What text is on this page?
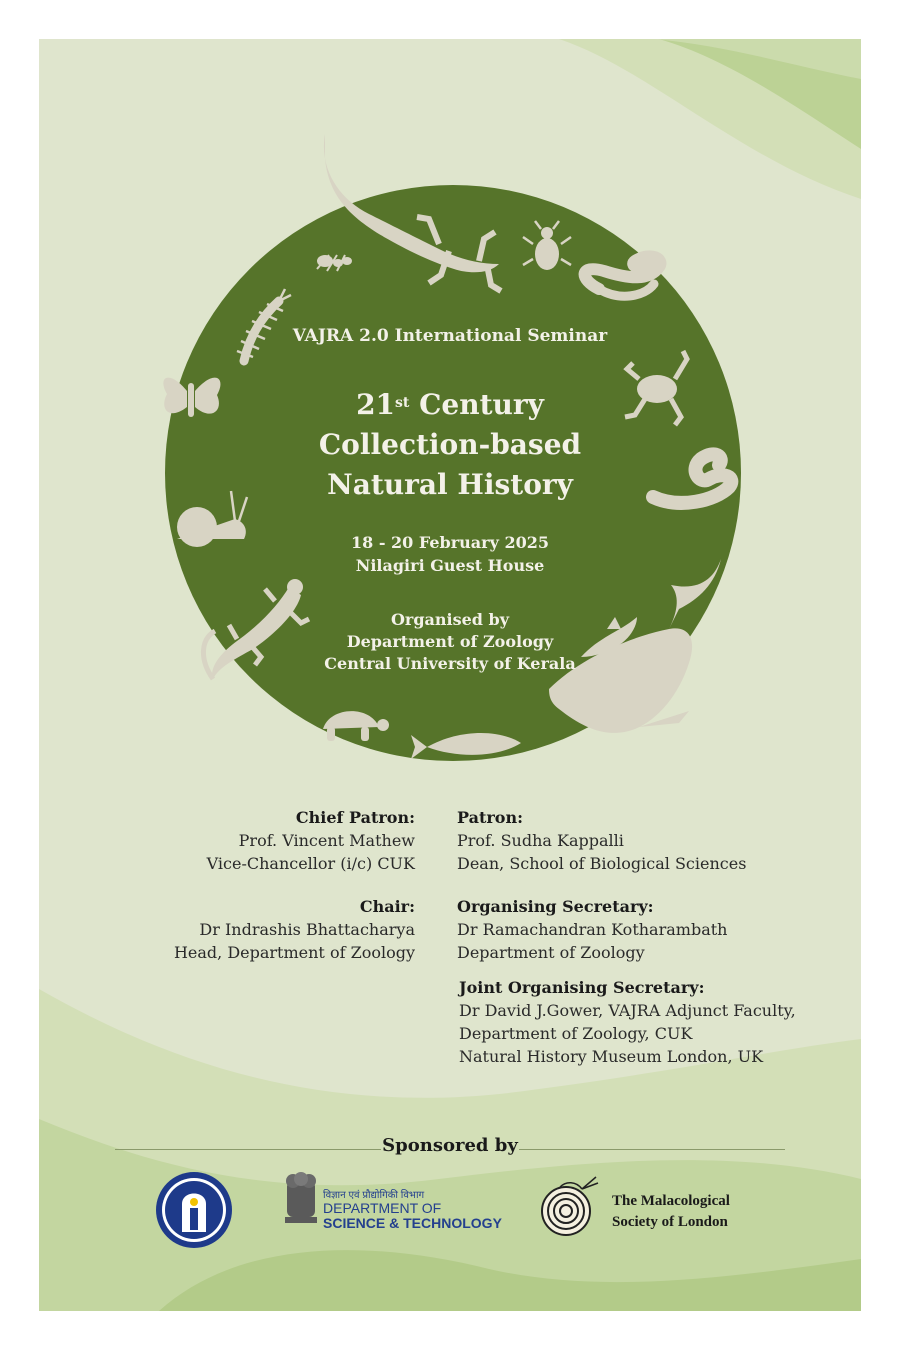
VAJRA 2.0 International Seminar
21st Century
Collection-based
Natural History
18 - 20 February 2025
Nilagiri Guest House
Organised by
Department of Zoology
Central University of Kerala
Chief Patron:
Prof. Vincent Mathew
Vice-Chancellor (i/c) CUK
Chair:
Dr Indrashis Bhattacharya
Head, Department of Zoology
Patron:
Prof. Sudha Kappalli
Dean, School of Biological Sciences
Organising Secretary:
Dr Ramachandran Kotharambath
Department of Zoology
Joint Organising Secretary:
Dr David J.Gower, VAJRA Adjunct Faculty,
Department of Zoology, CUK
Natural History Museum London, UK
Sponsored by
विज्ञान एवं प्रौद्योगिकी विभाग
DEPARTMENT OF
SCIENCE & TECHNOLOGY
The Malacological
Society of London
